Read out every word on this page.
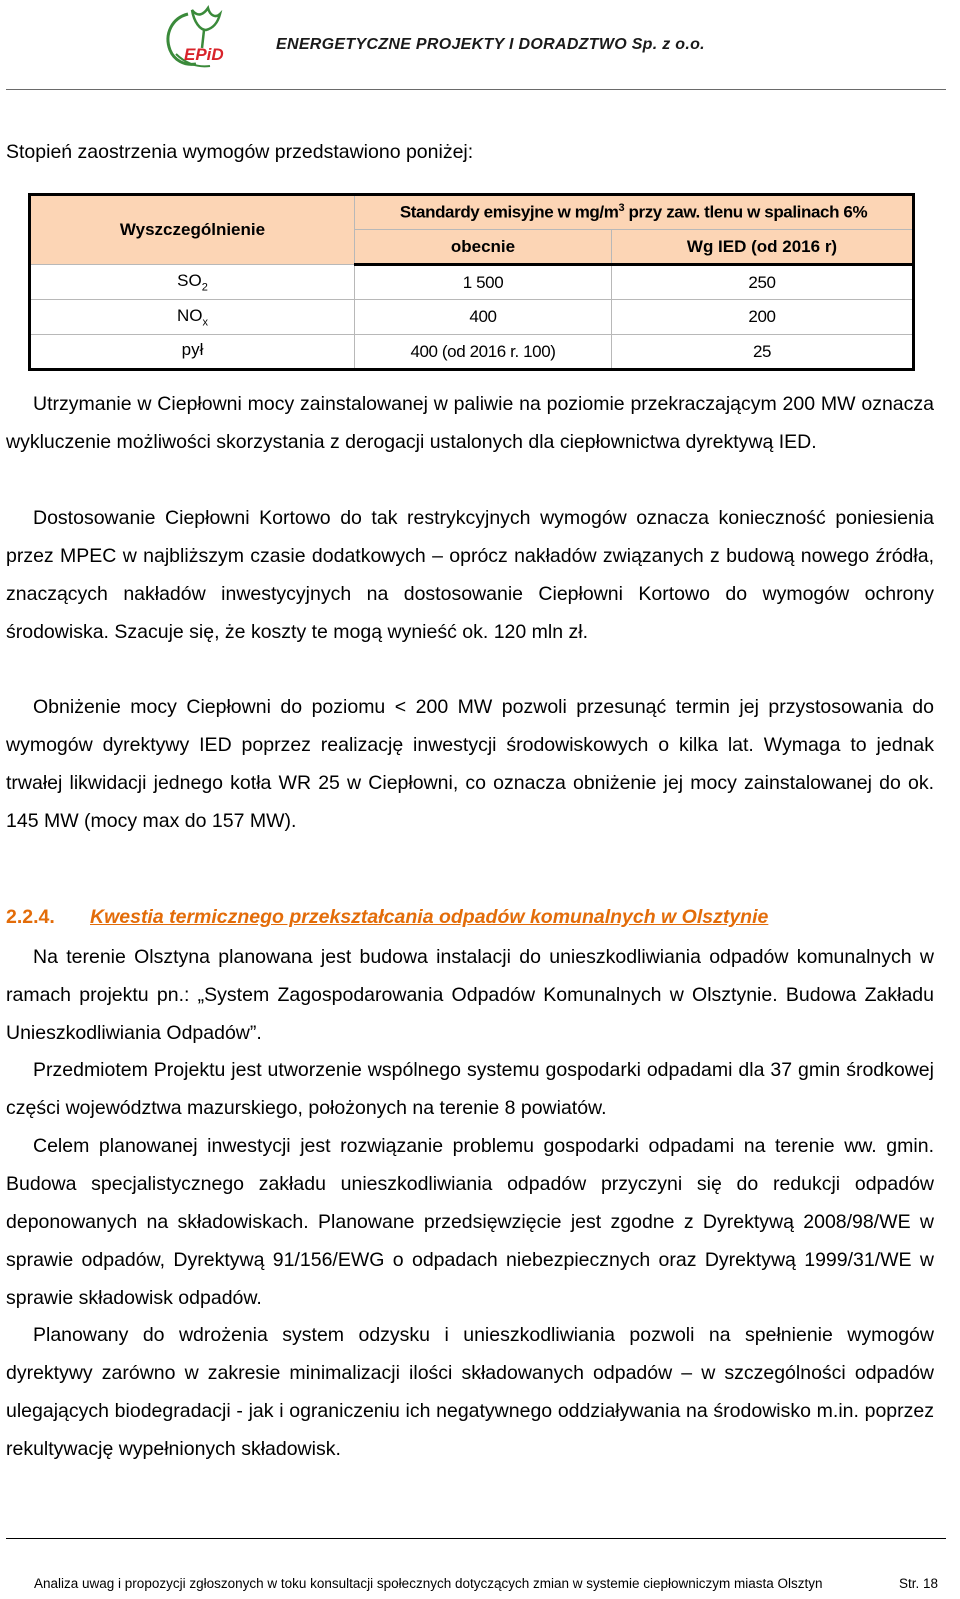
EPiD
ENERGETYCZNE PROJEKTY I DORADZTWO Sp. z o.o.
Stopień zaostrzenia wymogów przedstawiono poniżej:
Wyszczególnienie	Standardy emisyjne w $mg/m^3$ przy zaw. tlenu w spalinach 6%	
	obecnie	Wg IED (od 2016 r)
$SO_2$	1 500	250
$NO_x$	400	200
pył	400 (od 2016 r. 100)	25
Utrzymanie w Ciepłowni mocy zainstalowanej w paliwie na poziomie przekraczającym 200 MW oznacza wykluczenie możliwości skorzystania z derogacji ustalonych dla ciepłownictwa dyrektywą IED.
Dostosowanie Ciepłowni Kortowo do tak restrykcyjnych wymogów oznacza konieczność poniesienia przez MPEC w najbliższym czasie dodatkowych – oprócz nakładów związanych z budową nowego źródła, znaczących nakładów inwestycyjnych na dostosowanie Ciepłowni Kortowo do wymogów ochrony środowiska. Szacuje się, że koszty te mogą wynieść ok. 120 mln zł.
Obniżenie mocy Ciepłowni do poziomu < 200 MW pozwoli przesunąć termin jej przystosowania do wymogów dyrektywy IED poprzez realizację inwestycji środowiskowych o kilka lat. Wymaga to jednak trwałej likwidacji jednego kotła WR 25 w Ciepłowni, co oznacza obniżenie jej mocy zainstalowanej do ok. 145 MW (mocy max do 157 MW).
2.2.4. Kwestia termicznego przekształcania odpadów komunalnych w Olsztynie
Na terenie Olsztyna planowana jest budowa instalacji do unieszkodliwiania odpadów komunalnych w ramach projektu pn.: „System Zagospodarowania Odpadów Komunalnych w Olsztynie. Budowa Zakładu Unieszkodliwiania Odpadów”.
Przedmiotem Projektu jest utworzenie wspólnego systemu gospodarki odpadami dla 37 gmin środkowej części województwa mazurskiego, położonych na terenie 8 powiatów.
Celem planowanej inwestycji jest rozwiązanie problemu gospodarki odpadami na terenie ww. gmin. Budowa specjalistycznego zakładu unieszkodliwiania odpadów przyczyni się do redukcji odpadów deponowanych na składowiskach. Planowane przedsięwzięcie jest zgodne z Dyrektywą 2008/98/WE w sprawie odpadów, Dyrektywą 91/156/EWG o odpadach niebezpiecznych oraz Dyrektywą 1999/31/WE w sprawie składowisk odpadów.
Planowany do wdrożenia system odzysku i unieszkodliwiania pozwoli na spełnienie wymogów dyrektywy zarówno w zakresie minimalizacji ilości składowanych odpadów – w szczególności odpadów ulegających biodegradacji - jak i ograniczeniu ich negatywnego oddziaływania na środowisko m.in. poprzez rekultywację wypełnionych składowisk.
Analiza uwag i propozycji zgłoszonych w toku konsultacji społecznych dotyczących zmian w systemie ciepłowniczym miasta Olsztyn	Str. 18
